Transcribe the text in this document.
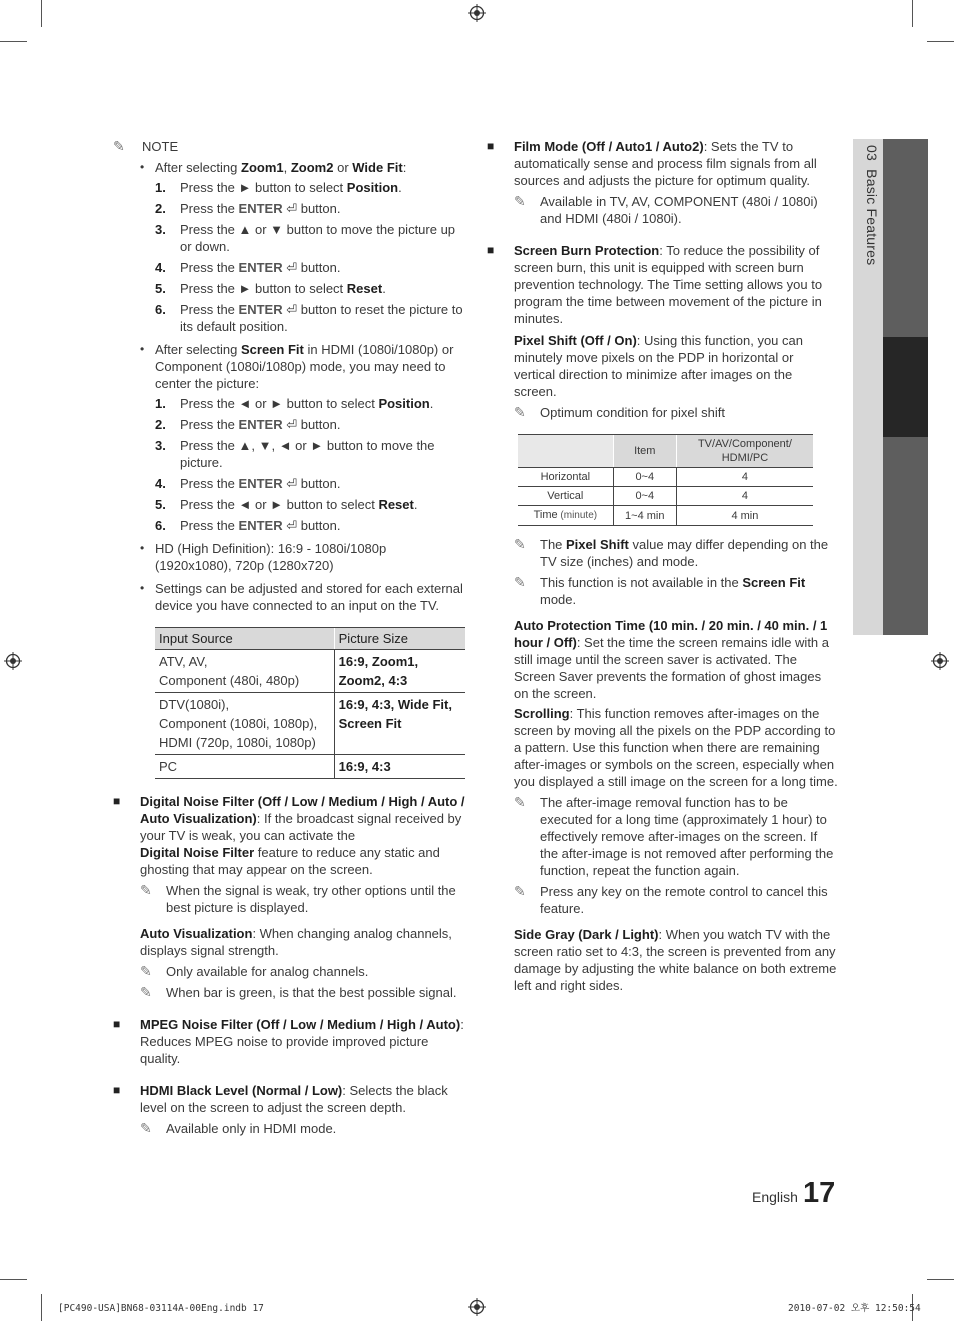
03  Basic Features
✎	NOTE
• After selecting Zoom1, Zoom2 or Wide Fit:
1.	Press the ► button to select Position.
2.	Press the ENTER ⏎ button.
3.	Press the ▲ or ▼ button to move the picture up or down.
4.	Press the ENTER ⏎ button.
5.	Press the ► button to select Reset.
6.	Press the ENTER ⏎ button to reset the picture to its default position.
• After selecting Screen Fit in HDMI (1080i/1080p) or Component (1080i/1080p) mode, you may need to center the picture:
1.	Press the ◄ or ► button to select Position.
2.	Press the ENTER ⏎ button.
3.	Press the ▲, ▼, ◄ or ► button to move the picture.
4.	Press the ENTER ⏎ button.
5.	Press the ◄ or ► button to select Reset.
6.	Press the ENTER ⏎ button.
• HD (High Definition): 16:9 - 1080i/1080p (1920x1080), 720p (1280x720)
• Settings can be adjusted and stored for each external device you have connected to an input on the TV.
Input Source	Picture Size
ATV, AV,
Component (480i, 480p)	16:9, Zoom1,
Zoom2, 4:3
DTV(1080i),
Component (1080i, 1080p),
HDMI (720p, 1080i, 1080p)	16:9, 4:3, Wide Fit,
Screen Fit
PC	16:9, 4:3
■	Digital Noise Filter (Off / Low / Medium / High / Auto / Auto Visualization): If the broadcast signal received by your TV is weak, you can activate the
Digital Noise Filter feature to reduce any static and ghosting that may appear on the screen.
✎	When the signal is weak, try other options until the best picture is displayed.

Auto Visualization: When changing analog channels, displays signal strength.

✎	Only available for analog channels.
✎	When bar is green, is that the best possible signal.
■	MPEG Noise Filter (Off / Low / Medium / High / Auto): Reduces MPEG noise to provide improved picture quality.
■	HDMI Black Level (Normal / Low): Selects the black level on the screen to adjust the screen depth.
✎	Available only in HDMI mode.
■	Film Mode (Off / Auto1 / Auto2): Sets the TV to automatically sense and process film signals from all sources and adjusts the picture for optimum quality.
✎	Available in TV, AV, COMPONENT (480i / 1080i) and HDMI (480i / 1080i).
■	Screen Burn Protection: To reduce the possibility of screen burn, this unit is equipped with screen burn prevention technology. The Time setting allows you to program the time between movement of the picture in minutes.

Pixel Shift (Off / On): Using this function, you can minutely move pixels on the PDP in horizontal or vertical direction to minimize after images on the screen.

✎	Optimum condition for pixel shift
	Item	TV/AV/Component/
HDMI/PC
Horizontal	0~4	4
Vertical	0~4	4
Time (minute)	1~4 min	4 min
✎	The Pixel Shift value may differ depending on the TV size (inches) and mode.
✎	This function is not available in the Screen Fit mode.

Auto Protection Time (10 min. / 20 min. / 40 min. / 1 hour / Off): Set the time the screen remains idle with a still image until the screen saver is activated. The Screen Saver prevents the formation of ghost images on the screen.

Scrolling: This function removes after-images on the screen by moving all the pixels on the PDP according to a pattern. Use this function when there are remaining after-images or symbols on the screen, especially when you displayed a still image on the screen for a long time.

✎	The after-image removal function has to be executed for a long time (approximately 1 hour) to effectively remove after-images on the screen. If the after-image is not removed after performing the function, repeat the function again.
✎	Press any key on the remote control to cancel this feature.

Side Gray (Dark / Light): When you watch TV with the screen ratio set to 4:3, the screen is prevented from any damage by adjusting the white balance on both extreme left and right sides.

English 17
[PC490-USA]BN68-03114A-00Eng.indb 17	2010-07-02 오후 12:50:54
